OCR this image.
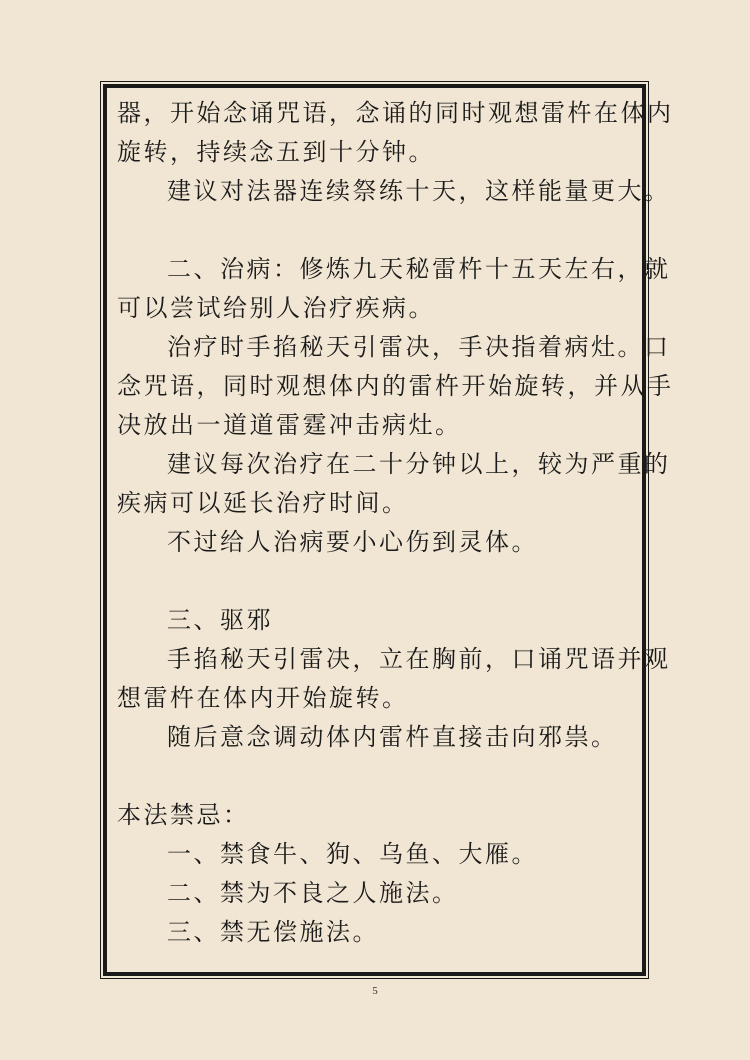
器，开始念诵咒语，念诵的同时观想雷杵在体内
旋转，持续念五到十分钟。
建议对法器连续祭练十天，这样能量更大。
二、治病：修炼九天秘雷杵十五天左右，就
可以尝试给别人治疗疾病。
治疗时手掐秘天引雷决，手决指着病灶。口
念咒语，同时观想体内的雷杵开始旋转，并从手
决放出一道道雷霆冲击病灶。
建议每次治疗在二十分钟以上，较为严重的
疾病可以延长治疗时间。
不过给人治病要小心伤到灵体。
三、驱邪
手掐秘天引雷决，立在胸前，口诵咒语并观
想雷杵在体内开始旋转。
随后意念调动体内雷杵直接击向邪祟。
本法禁忌：
一、禁食牛、狗、乌鱼、大雁。
二、禁为不良之人施法。
三、禁无偿施法。
5
